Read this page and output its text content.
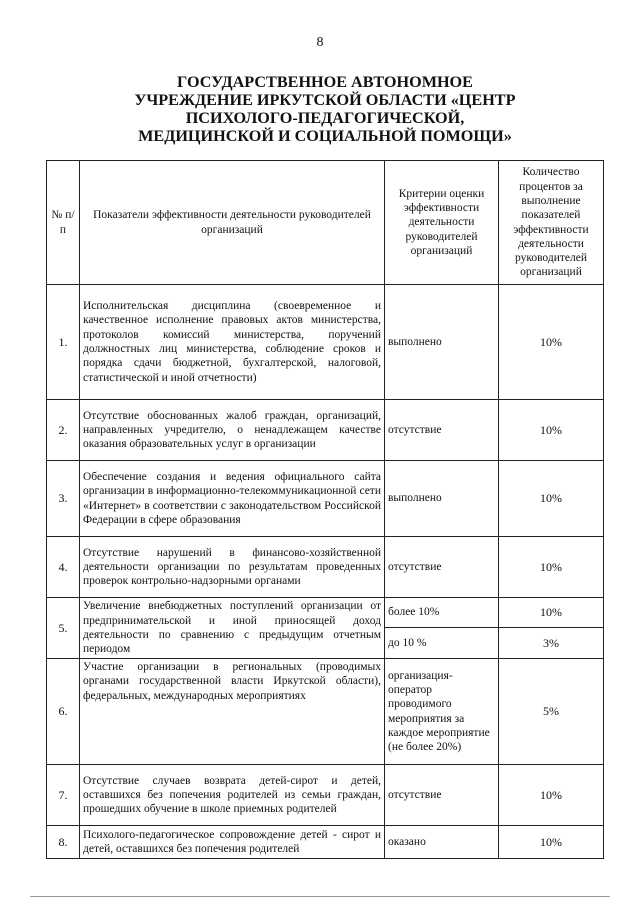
8
ГОСУДАРСТВЕННОЕ АВТОНОМНОЕ УЧРЕЖДЕНИЕ ИРКУТСКОЙ ОБЛАСТИ «ЦЕНТР ПСИХОЛОГО-ПЕДАГОГИЧЕСКОЙ, МЕДИЦИНСКОЙ И СОЦИАЛЬНОЙ ПОМОЩИ»
№ п/п	Показатели эффективности деятельности руководителей организаций	Критерии оценки эффективности деятельности руководителей организаций	Количество процентов за выполнение показателей эффективности деятельности руководителей организаций
1.	Исполнительская дисциплина (своевременное и качественное исполнение правовых актов министерства, протоколов комиссий министерства, поручений должностных лиц министерства, соблюдение сроков и порядка сдачи бюджетной, бухгалтерской, налоговой, статистической и иной отчетности)	выполнено	10%
2.	Отсутствие обоснованных жалоб граждан, организаций, направленных учредителю, о ненадлежащем качестве оказания образовательных услуг в организации	отсутствие	10%
3.	Обеспечение создания и ведения официального сайта организации в информационно-телекоммуникационной сети «Интернет» в соответствии с законодательством Российской Федерации в сфере образования	выполнено	10%
4.	Отсутствие нарушений в финансово-хозяйственной деятельности организации по результатам проведенных проверок контрольно-надзорными органами	отсутствие	10%
5.	Увеличение внебюджетных поступлений организации от предпринимательской и иной приносящей доход деятельности по сравнению с предыдущим отчетным периодом	более 10%	10%
		до 10 %	3%
6.	Участие организации в региональных (проводимых органами государственной власти Иркутской области), федеральных, международных мероприятиях	организация-оператор проводимого мероприятия за каждое мероприятие (не более 20%)	5%
7.	Отсутствие случаев возврата детей-сирот и детей, оставшихся без попечения родителей из семьи граждан, прошедших обучение в школе приемных родителей	отсутствие	10%
8.	Психолого-педагогическое сопровождение детей - сирот и детей, оставшихся без попечения родителей	оказано	10%
